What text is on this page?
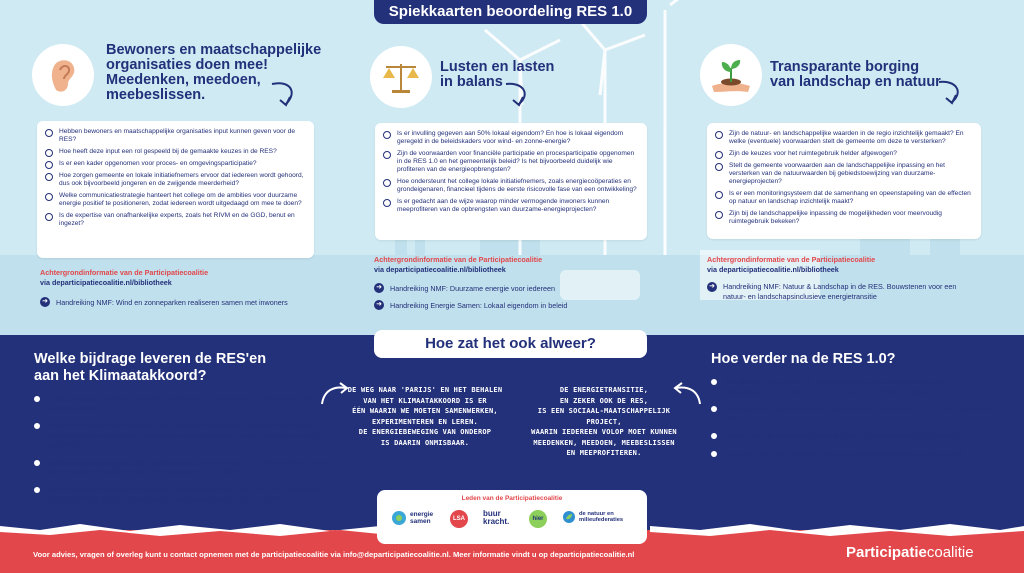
Spiekkaarten beoordeling RES 1.0
Bewoners en maatschappelijke
organisaties doen mee!
Meedenken, meedoen,
meebeslissen.
Hebben bewoners en maatschappelijke organisaties input kunnen geven voor de RES?
Hoe heeft deze input een rol gespeeld bij de gemaakte keuzes in de RES?
Is er een kader opgenomen voor proces- en omgevingsparticipatie?
Hoe zorgen gemeente en lokale initiatiefnemers ervoor dat iedereen wordt gehoord, dus ook bijvoorbeeld jongeren en de zwijgende meerderheid?
Welke communicatiestrategie hanteert het college om de ambities voor duurzame energie positief te positioneren, zodat iedereen wordt uitgedaagd om mee te doen?
Is de expertise van onafhankelijke experts, zoals het RIVM en de GGD, benut en ingezet?
Achtergrondinformatie van de Participatiecoalitie
via departicipatiecoalitie.nl/bibliotheek
➜ Handreiking NMF: Wind en zonneparken realiseren samen met inwoners
Lusten en lasten
in balans
Is er invulling gegeven aan 50% lokaal eigendom? En hoe is lokaal eigendom geregeld in de beleidskaders voor wind- en zonne-energie?
Zijn de voorwaarden voor financiële participatie en procesparticipatie opgenomen in de RES 1.0 en het gemeentelijk beleid? Is het bijvoorbeeld duidelijk wie profiteren van de energieopbrengsten?
Hoe ondersteunt het college lokale initiatiefnemers, zoals energiecoöperaties en grondeigenaren, financieel tijdens de eerste risicovolle fase van een ontwikkeling?
Is er gedacht aan de wijze waarop minder vermogende inwoners kunnen meeprofiteren van de opbrengsten van duurzame-energieprojecten?
Achtergrondinformatie van de Participatiecoalitie
via departicipatiecoalitie.nl/bibliotheek
➜ Handreiking NMF: Duurzame energie voor iedereen
➜ Handreiking Energie Samen: Lokaal eigendom in beleid
Transparante borging
van landschap en natuur
Zijn de natuur- en landschappelijke waarden in de regio inzichtelijk gemaakt? En welke (eventuele) voorwaarden stelt de gemeente om deze te versterken?
Zijn de keuzes voor het ruimtegebruik helder afgewogen?
Stelt de gemeente voorwaarden aan de landschappelijke inpassing en het versterken van de natuurwaarden bij gebiedstoewijzing van duurzame-energieprojecten?
Is er een monitoringsysteem dat de samenhang en opeenstapeling van de effecten op natuur en landschap inzichtelijk maakt?
Zijn bij de landschappelijke inpassing de mogelijkheden voor meervoudig ruimtegebruik bekeken?
Achtergrondinformatie van de Participatiecoalitie
via departicipatiecoalitie.nl/bibliotheek
➜ Handreiking NMF: Natuur & Landschap in de RES. Bouwstenen voor een natuur- en landschapsinclusieve energietransitie
Hoe zat het ook alweer?
Welke bijdrage leveren de RES'en
aan het Klimaatakkoord?
In 2030 zorgen de RES'en voor het opwekken van tenminste 35 TWh duurzame energie op land
De RES'en leveren een overzicht van het wat, hoe en waar; hoeveel duurzame energie gaan we opwekken, met welke energiebronnen en waar denken we dat te gaan doen?
De RES'en dragen bij aan het behalen van de doelen van het Klimaatakkoord en de halvering van de uitstoot van broeikasgassen t.o.v. 1990
Met de nieuwe Europese Klimaatwet (reductiedoel van 55% CO2 t.o.v. 1990) is het de verwachting dat de klimaatdoelen nog aangescherpt zullen worden
DE WEG NAAR 'PARIJS' EN HET BEHALEN
VAN HET KLIMAATAKKOORD IS ER
ÉÉN WAARIN WE MOETEN SAMENWERKEN,
EXPERIMENTEREN EN LEREN.
DE ENERGIEBEWEGING VAN ONDEROP
IS DAARIN ONMISBAAR.
DE ENERGIETRANSITIE,
EN ZEKER OOK DE RES,
IS EEN SOCIAAL-MAATSCHAPPELIJK PROJECT,
WAARIN IEDEREEN VOLOP MOET KUNNEN
MEEDENKEN, MEEDOEN, MEEBESLISSEN
EN MEEPROFITEREN.
Hoe verder na de RES 1.0?
Van plannen naar actie: de plannen krijgen een doorvertaling naar omgevingsbeleid zodat de focus op het doen komt te liggen
De gemeenten zijn aan zet om financiering te vinden voor de uitvoering van de RES 1.0
Parallel met de uitvoering wordt de RES 2.0 ontwikkeld (2023 gereed)
In de RES 2.0 komt aandacht voor het warmtevraagstuk en zon op dak
Leden van de Participatiecoalitie
energie
samen	LSA
buur
kracht.	hier
de natuur en
milieufederaties
Voor advies, vragen of overleg kunt u contact opnemen met de participatiecoalitie via info@departicipatiecoalitie.nl. Meer informatie vindt u op departicipatiecoalitie.nl	Participatiecoalitie
